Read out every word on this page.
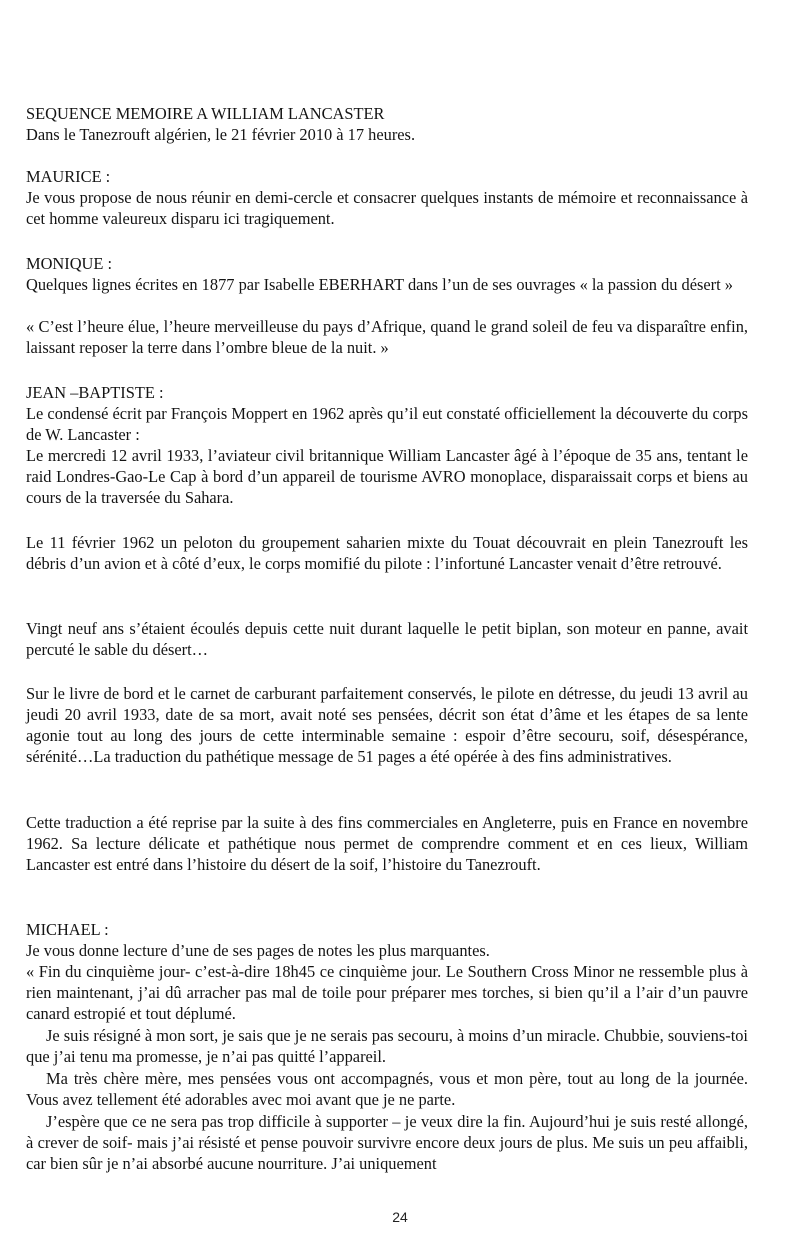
SEQUENCE MEMOIRE A WILLIAM LANCASTER
Dans le Tanezrouft algérien, le 21 février 2010 à 17 heures.

MAURICE :

Je vous propose de nous réunir en demi-cercle et consacrer quelques instants de mémoire et reconnaissance à cet homme valeureux disparu ici tragiquement.

MONIQUE :

Quelques lignes écrites en 1877 par Isabelle EBERHART dans l’un de ses ouvrages « la passion du désert »

« C’est l’heure élue, l’heure merveilleuse du pays d’Afrique, quand le grand soleil de feu va disparaître enfin, laissant reposer la terre dans l’ombre bleue de la nuit. »

JEAN –BAPTISTE :

Le condensé écrit par François Moppert en 1962 après qu’il eut constaté officiellement la découverte du corps de W. Lancaster :

Le mercredi 12 avril 1933, l’aviateur civil britannique William Lancaster âgé à l’époque de 35 ans, tentant le raid Londres-Gao-Le Cap à bord d’un appareil de tourisme AVRO monoplace, disparaissait corps et biens au cours de la traversée du Sahara.

Le 11 février 1962 un peloton du groupement saharien mixte du Touat découvrait en plein Tanezrouft les débris d’un avion et à côté d’eux, le corps momifié du pilote : l’infortuné Lancaster venait d’être retrouvé.

Vingt neuf ans s’étaient écoulés depuis cette nuit durant laquelle le petit biplan, son moteur en panne, avait percuté le sable du désert…

Sur le livre de bord et le carnet de carburant parfaitement conservés, le pilote en détresse, du jeudi 13 avril au jeudi 20 avril 1933, date de sa mort, avait noté ses pensées, décrit son état d’âme et les étapes de sa lente agonie tout au long des jours de cette interminable semaine : espoir d’être secouru, soif, désespérance, sérénité…La traduction du pathétique message de 51 pages a été opérée à des fins administratives.

Cette traduction a été reprise par la suite à des fins commerciales en Angleterre, puis en France en novembre 1962. Sa lecture délicate et pathétique nous permet de comprendre comment et en ces lieux, William Lancaster est entré dans l’histoire du désert de la soif, l’histoire du Tanezrouft.

MICHAEL :

Je vous donne lecture d’une de ses pages de notes les plus marquantes.

« Fin du cinquième jour- c’est-à-dire 18h45 ce cinquième jour. Le Southern Cross Minor ne ressemble plus à rien maintenant, j’ai dû arracher pas mal de toile pour préparer mes torches, si bien qu’il a l’air d’un pauvre canard estropié et tout déplumé.

Je suis résigné à mon sort, je sais que je ne serais pas secouru, à moins d’un miracle. Chubbie, souviens-toi que j’ai tenu ma promesse, je n’ai pas quitté l’appareil.

Ma très chère mère, mes pensées vous ont accompagnés, vous et mon père, tout au long de la journée. Vous avez tellement été adorables avec moi avant que je ne parte.

J’espère que ce ne sera pas trop difficile à supporter – je veux dire la fin. Aujourd’hui je suis resté allongé, à crever de soif- mais j’ai résisté et pense pouvoir survivre encore deux jours de plus. Me suis un peu affaibli, car bien sûr je n’ai absorbé aucune nourriture. J’ai uniquement

24
